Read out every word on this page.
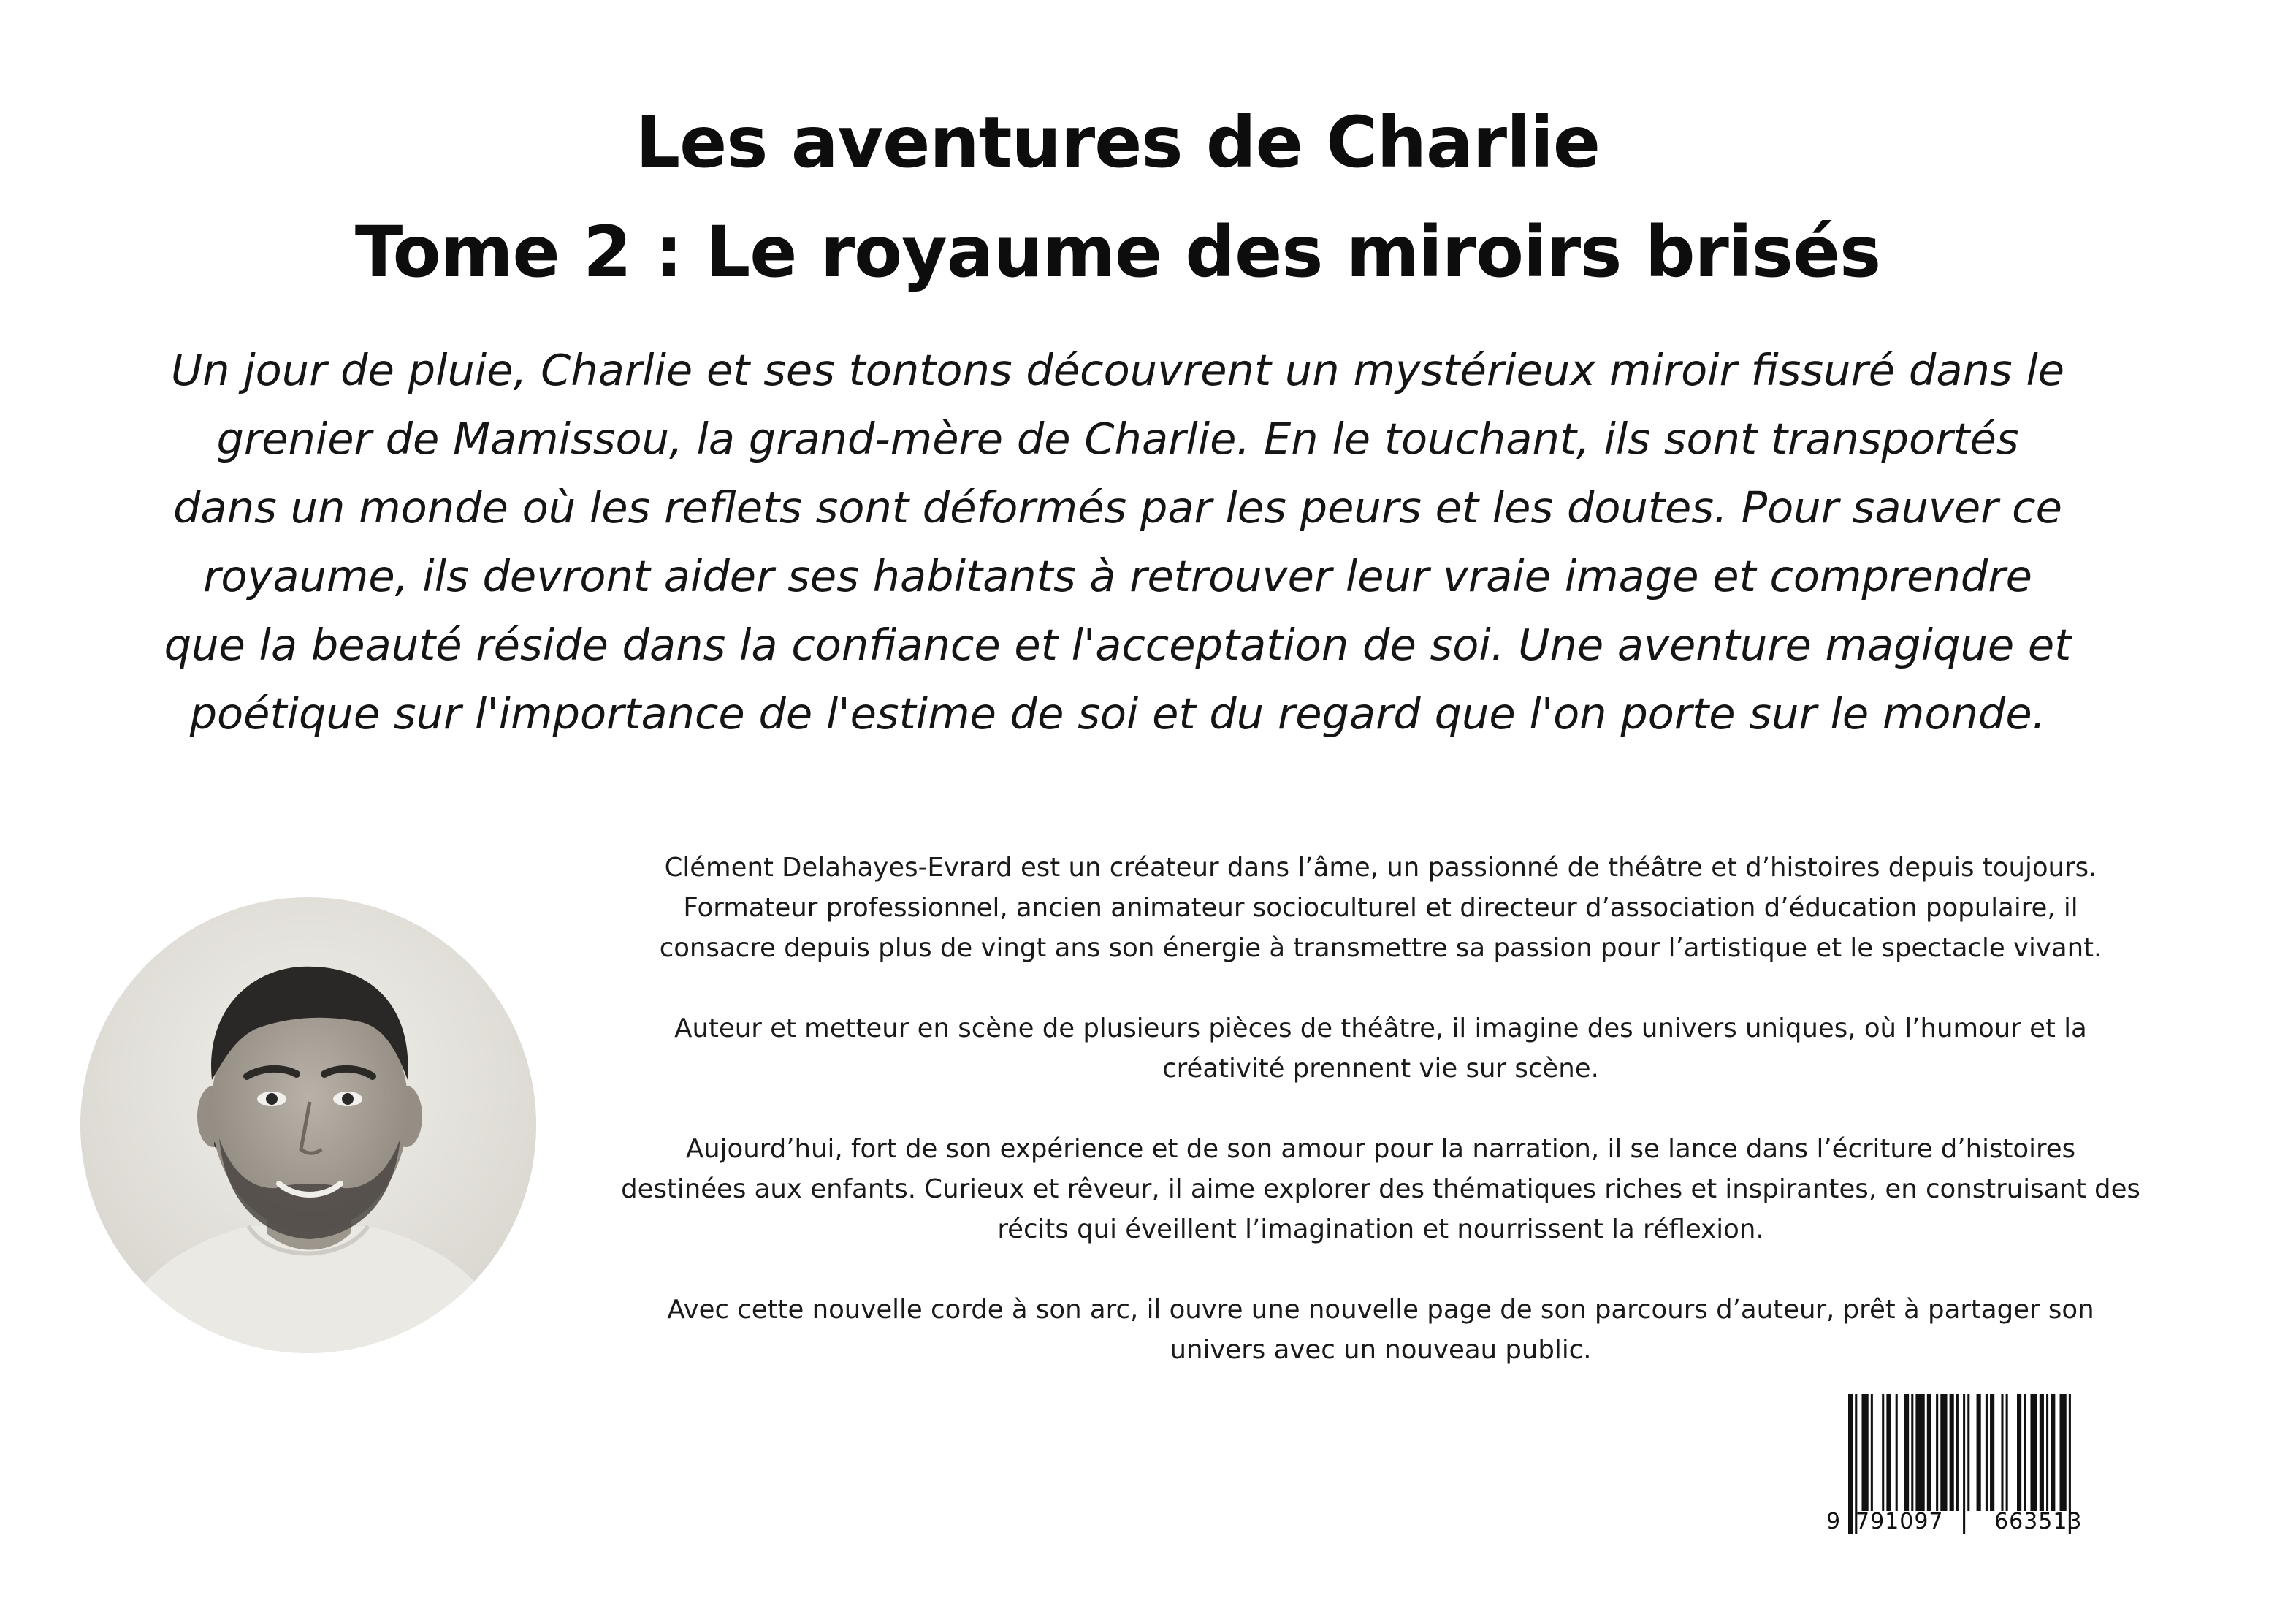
Les aventures de Charlie
Tome 2 : Le royaume des miroirs brisés
Un jour de pluie, Charlie et ses tontons découvrent un mystérieux miroir fissuré dans le
grenier de Mamissou, la grand-mère de Charlie. En le touchant, ils sont transportés
dans un monde où les reflets sont déformés par les peurs et les doutes. Pour sauver ce
royaume, ils devront aider ses habitants à retrouver leur vraie image et comprendre
que la beauté réside dans la confiance et l'acceptation de soi. Une aventure magique et
poétique sur l'importance de l'estime de soi et du regard que l'on porte sur le monde.

Clément Delahayes-Evrard est un créateur dans l’âme, un passionné de théâtre et d’histoires depuis toujours.
Formateur professionnel, ancien animateur socioculturel et directeur d’association d’éducation populaire, il
consacre depuis plus de vingt ans son énergie à transmettre sa passion pour l’artistique et le spectacle vivant.

Auteur et metteur en scène de plusieurs pièces de théâtre, il imagine des univers uniques, où l’humour et la
créativité prennent vie sur scène.

Aujourd’hui, fort de son expérience et de son amour pour la narration, il se lance dans l’écriture d’histoires
destinées aux enfants. Curieux et rêveur, il aime explorer des thématiques riches et inspirantes, en construisant des
récits qui éveillent l’imagination et nourrissent la réflexion.

Avec cette nouvelle corde à son arc, il ouvre une nouvelle page de son parcours d’auteur, prêt à partager son
univers avec un nouveau public.

9 791097 663513
